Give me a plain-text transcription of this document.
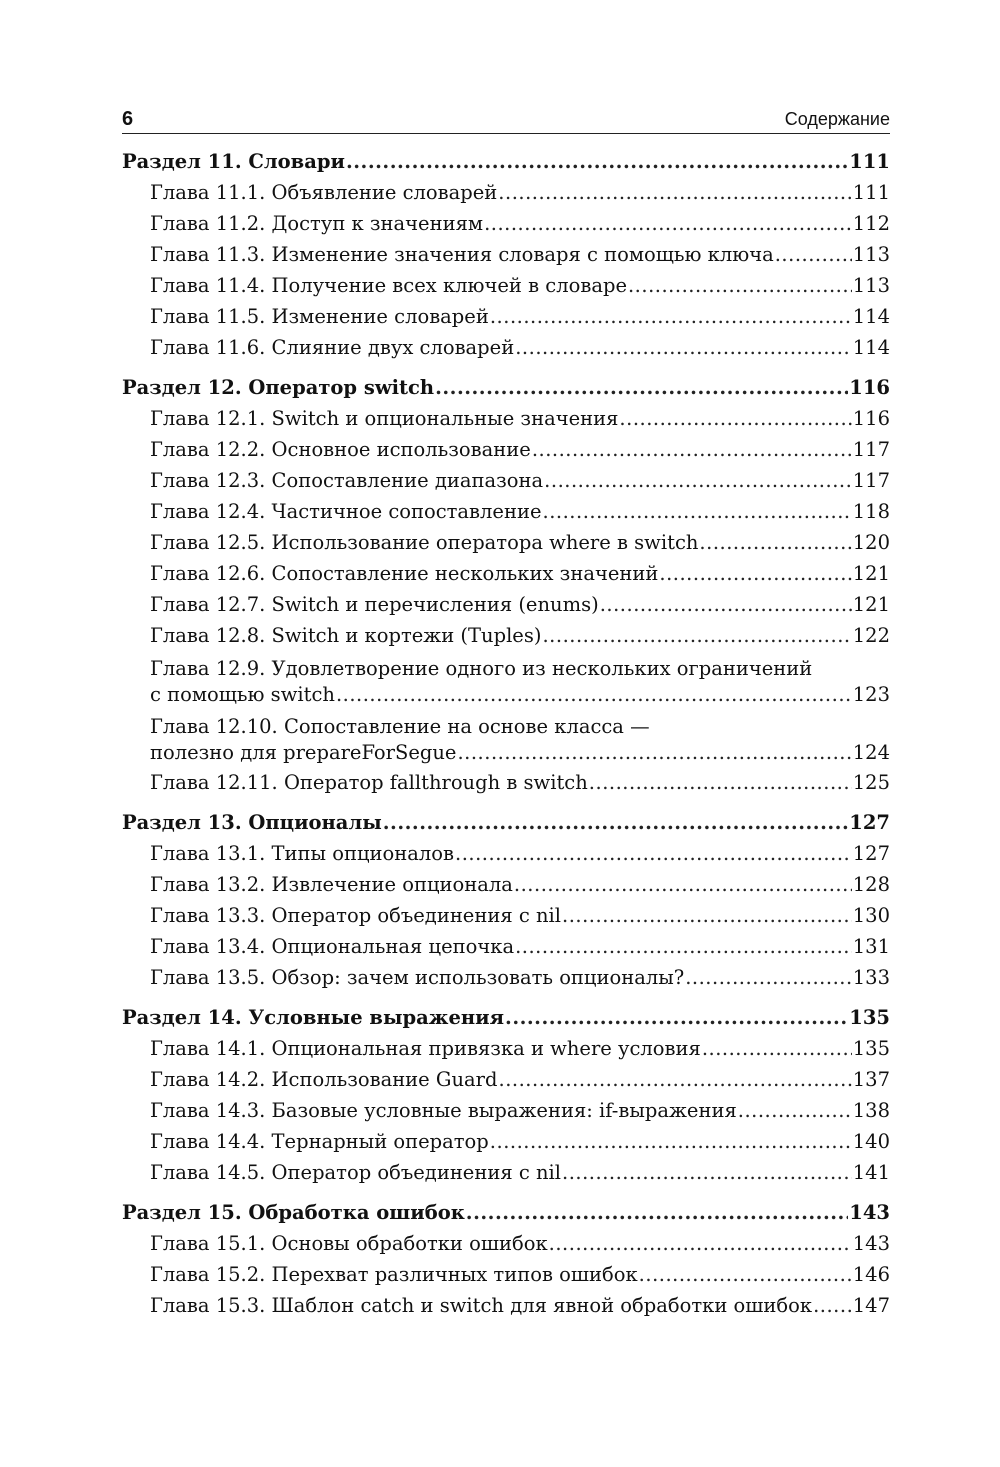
6	Содержание
Раздел 11. Словари .....	111
Глава 11.1. Объявление словарей .....	111
Глава 11.2. Доступ к значениям .....	112
Глава 11.3. Изменение значения словаря с помощью ключа .....	113
Глава 11.4. Получение всех ключей в словаре .....	113
Глава 11.5. Изменение словарей .....	114
Глава 11.6. Слияние двух словарей .....	114
Раздел 12. Оператор switch .....	116
Глава 12.1. Switch и опциональные значения .....	116
Глава 12.2. Основное использование .....	117
Глава 12.3. Сопоставление диапазона .....	117
Глава 12.4. Частичное сопоставление .....	118
Глава 12.5. Использование оператора where в switch .....	120
Глава 12.6. Сопоставление нескольких значений .....	121
Глава 12.7. Switch и перечисления (enums) .....	121
Глава 12.8. Switch и кортежи (Tuples) .....	122
Глава 12.9. Удовлетворение одного из нескольких ограничений
с помощью switch .....	123
Глава 12.10. Сопоставление на основе класса —
полезно для prepareForSegue .....	124
Глава 12.11. Оператор fallthrough в switch .....	125
Раздел 13. Опционалы .....	127
Глава 13.1. Типы опционалов .....	127
Глава 13.2. Извлечение опционала .....	128
Глава 13.3. Оператор объединения с nil .....	130
Глава 13.4. Опциональная цепочка .....	131
Глава 13.5. Обзор: зачем использовать опционалы? .....	133
Раздел 14. Условные выражения .....	135
Глава 14.1. Опциональная привязка и where условия .....	135
Глава 14.2. Использование Guard .....	137
Глава 14.3. Базовые условные выражения: if-выражения .....	138
Глава 14.4. Тернарный оператор .....	140
Глава 14.5. Оператор объединения с nil .....	141
Раздел 15. Обработка ошибок .....	143
Глава 15.1. Основы обработки ошибок .....	143
Глава 15.2. Перехват различных типов ошибок .....	146
Глава 15.3. Шаблон catch и switch для явной обработки ошибок ..... 147
